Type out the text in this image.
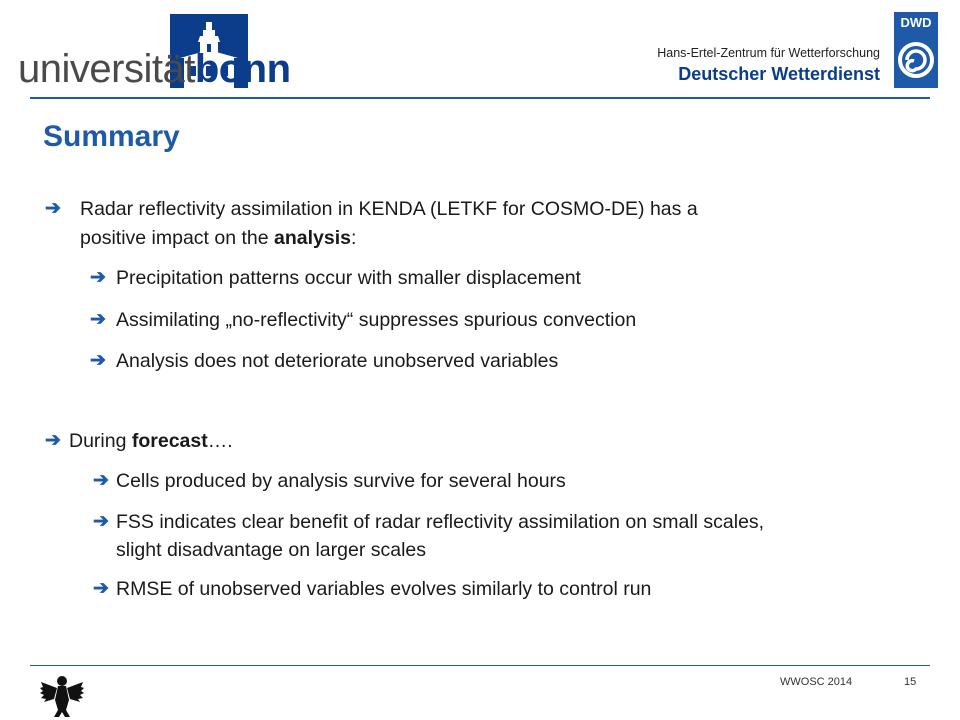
universitätbonn	Hans-Ertel-Zentrum für Wetterforschung
Deutscher Wetterdienst
DWD
Summary
➔ Radar reflectivity assimilation in KENDA (LETKF for COSMO-DE) has a
positive impact on the analysis:
➔ Precipitation patterns occur with smaller displacement
➔ Assimilating „no-reflectivity“ suppresses spurious convection
➔ Analysis does not deteriorate unobserved variables
➔ During forecast….
➔ Cells produced by analysis survive for several hours
➔ FSS indicates clear benefit of radar reflectivity assimilation on small scales,
slight disadvantage on larger scales
➔ RMSE of unobserved variables evolves similarly to control run
WWOSC 2014	15
